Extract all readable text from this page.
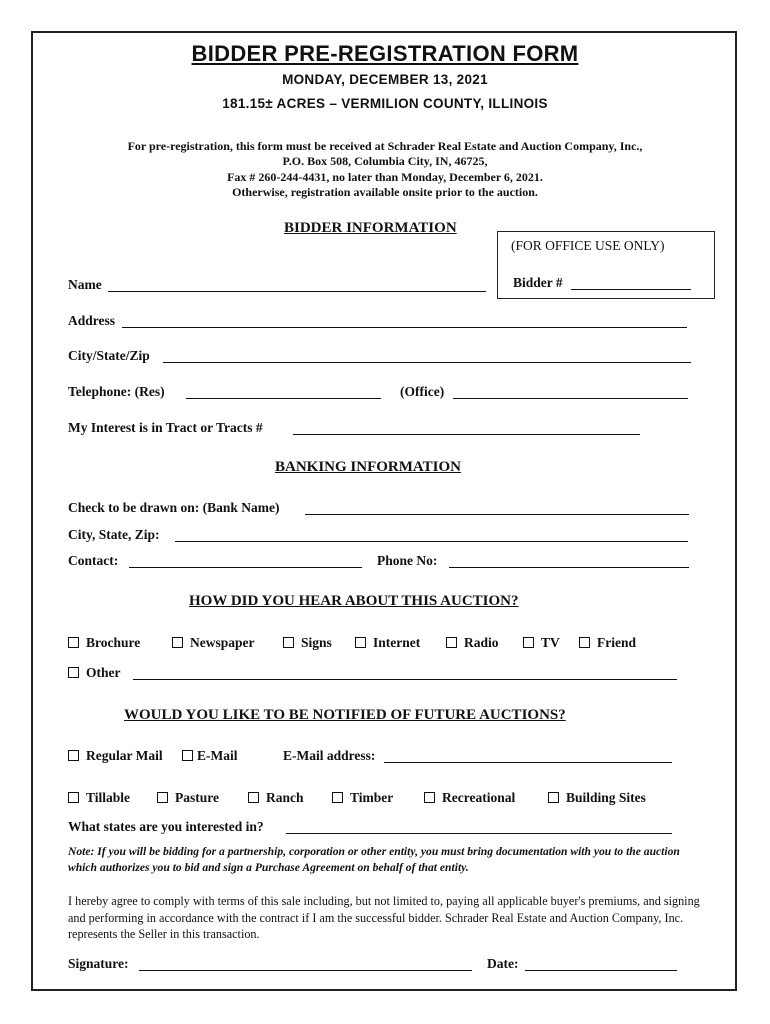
BIDDER PRE-REGISTRATION FORM
MONDAY, DECEMBER 13, 2021
181.15± ACRES – VERMILION COUNTY, ILLINOIS
For pre-registration, this form must be received at Schrader Real Estate and Auction Company, Inc.,
P.O. Box 508, Columbia City, IN, 46725,
Fax # 260-244-4431, no later than Monday, December 6, 2021.
Otherwise, registration available onsite prior to the auction.
BIDDER INFORMATION
(FOR OFFICE USE ONLY)
Bidder #
Name
Address
City/State/Zip
Telephone: (Res)	(Office)
My Interest is in Tract or Tracts #
BANKING INFORMATION
Check to be drawn on: (Bank Name)
City, State, Zip:
Contact:	Phone No:
HOW DID YOU HEAR ABOUT THIS AUCTION?
Brochure	Newspaper	Signs	Internet	Radio	TV	Friend
Other
WOULD YOU LIKE TO BE NOTIFIED OF FUTURE AUCTIONS?
Regular Mail	E-Mail	E-Mail address:
Tillable	Pasture	Ranch	Timber	Recreational	Building Sites
What states are you interested in?
Note: If you will be bidding for a partnership, corporation or other entity, you must bring documentation with you to the auction which authorizes you to bid and sign a Purchase Agreement on behalf of that entity.
I hereby agree to comply with terms of this sale including, but not limited to, paying all applicable buyer's premiums, and signing and performing in accordance with the contract if I am the successful bidder. Schrader Real Estate and Auction Company, Inc. represents the Seller in this transaction.
Signature:	Date:
